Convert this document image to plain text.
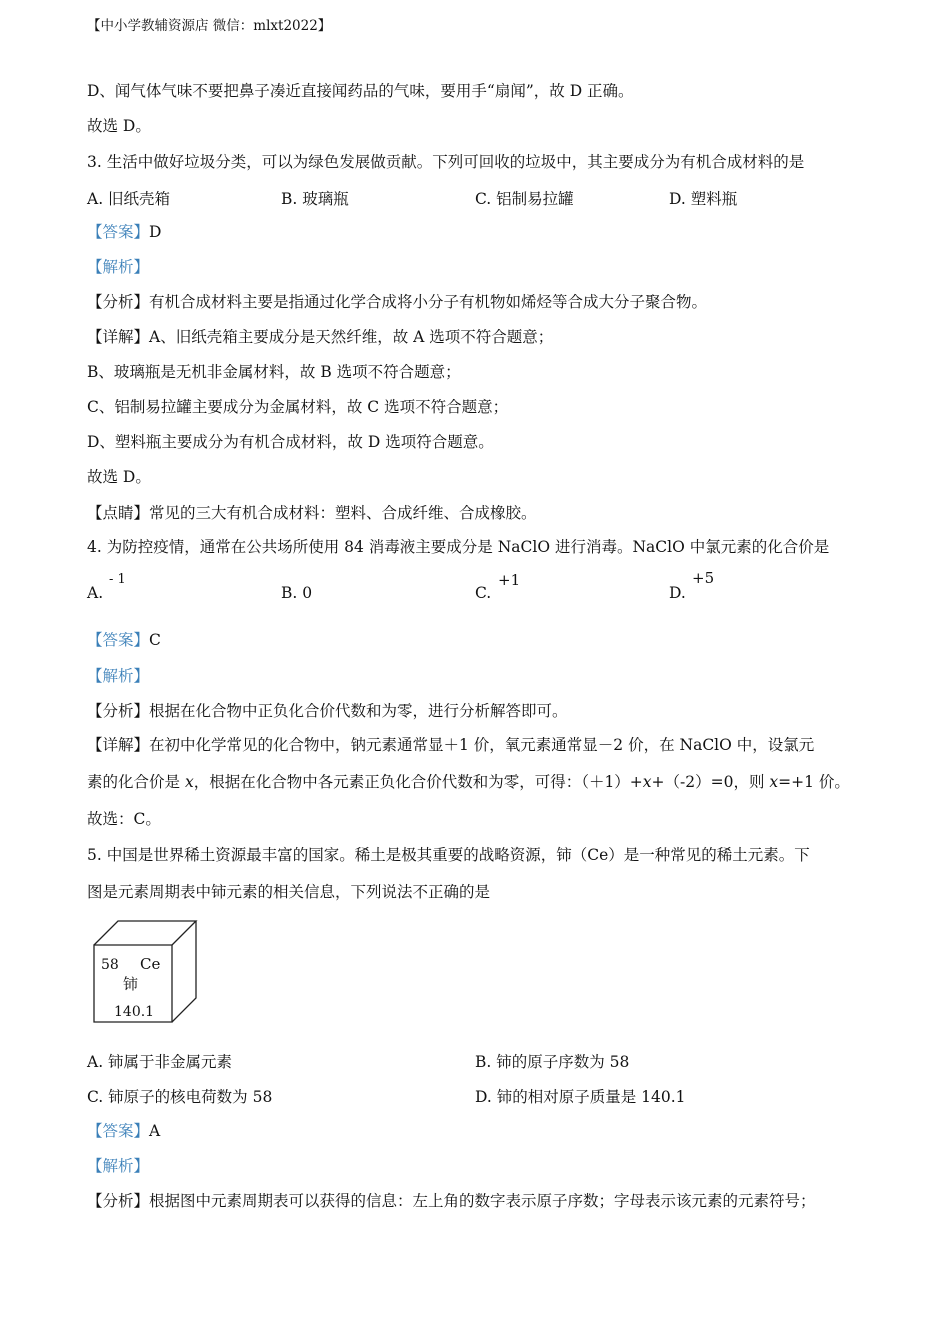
【中小学教辅资源店 微信：mlxt2022】
D、闻气体气味不要把鼻子凑近直接闻药品的气味，要用手“扇闻”，故 D 正确。
故选 D。
3. 生活中做好垃圾分类，可以为绿色发展做贡献。下列可回收的垃圾中，其主要成分为有机合成材料的是
A. 旧纸壳箱	B. 玻璃瓶	C. 铝制易拉罐	D. 塑料瓶
【答案】D
【解析】
【分析】有机合成材料主要是指通过化学合成将小分子有机物如烯烃等合成大分子聚合物。
【详解】A、旧纸壳箱主要成分是天然纤维，故 A 选项不符合题意；
B、玻璃瓶是无机非金属材料，故 B 选项不符合题意；
C、铝制易拉罐主要成分为金属材料，故 C 选项不符合题意；
D、塑料瓶主要成分为有机合成材料，故 D 选项符合题意。
故选 D。
【点睛】常见的三大有机合成材料：塑料、合成纤维、合成橡胶。
4. 为防控疫情，通常在公共场所使用 84 消毒液主要成分是 NaClO 进行消毒。NaClO 中氯元素的化合价是
A.
- 1
B. 0	C.
+1
D.
+5
【答案】C
【解析】
【分析】根据在化合物中正负化合价代数和为零，进行分析解答即可。
【详解】在初中化学常见的化合物中，钠元素通常显＋1 价，氧元素通常显－2 价，在 NaClO 中，设氯元
素的化合价是 x，根据在化合物中各元素正负化合价代数和为零，可得：（＋1）+x+（-2）=0，则 x=+1 价。
故选：C。
5. 中国是世界稀土资源最丰富的国家。稀土是极其重要的战略资源，铈（Ce）是一种常见的稀土元素。下
图是元素周期表中铈元素的相关信息，下列说法不正确的是
58 Ce
铈
140.1
A. 铈属于非金属元素	B. 铈的原子序数为 58
C. 铈原子的核电荷数为 58	D. 铈的相对原子质量是 140.1
【答案】A
【解析】
【分析】根据图中元素周期表可以获得的信息：左上角的数字表示原子序数；字母表示该元素的元素符号；
